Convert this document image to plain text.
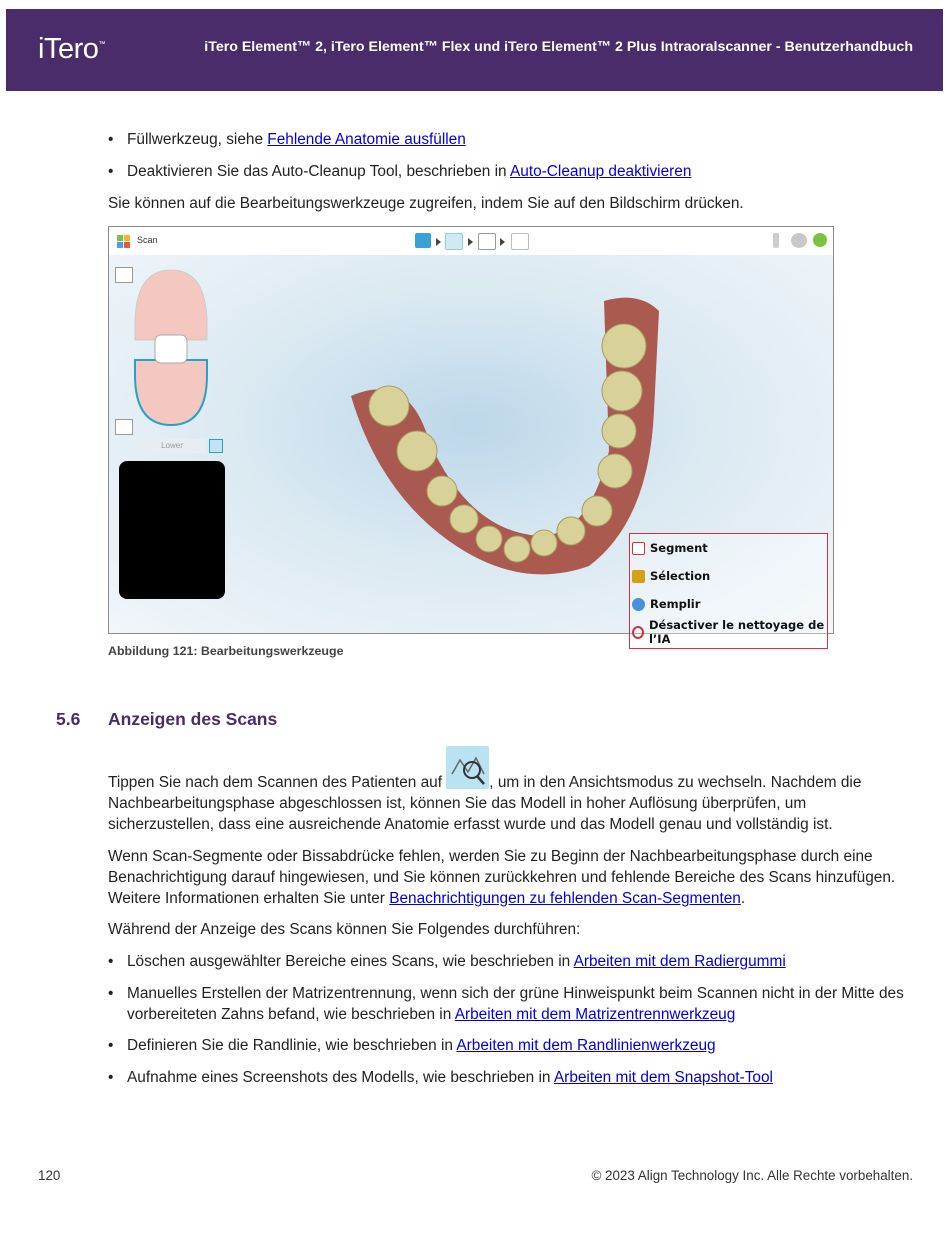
iTero™	iTero Element™ 2, iTero Element™ Flex und iTero Element™ 2 Plus Intraoralscanner - Benutzerhandbuch
• Füllwerkzeug, siehe Fehlende Anatomie ausfüllen
• Deaktivieren Sie das Auto-Cleanup Tool, beschrieben in Auto-Cleanup deaktivieren
Sie können auf die Bearbeitungswerkzeuge zugreifen, indem Sie auf den Bildschirm drücken.
Scan
Lower
Segment
Sélection
Remplir
Désactiver le nettoyage de l’IA
Abbildung 121: Bearbeitungswerkzeuge
5.6 Anzeigen des Scans
Tippen Sie nach dem Scannen des Patienten auf	, um in den Ansichtsmodus zu wechseln. Nachdem die Nachbearbeitungsphase abgeschlossen ist, können Sie das Modell in hoher Auflösung überprüfen, um sicherzustellen, dass eine ausreichende Anatomie erfasst wurde und das Modell genau und vollständig ist.
Wenn Scan-Segmente oder Bissabdrücke fehlen, werden Sie zu Beginn der Nachbearbeitungsphase durch eine Benachrichtigung darauf hingewiesen, und Sie können zurückkehren und fehlende Bereiche des Scans hinzufügen. Weitere Informationen erhalten Sie unter Benachrichtigungen zu fehlenden Scan-Segmenten.
Während der Anzeige des Scans können Sie Folgendes durchführen:
• Löschen ausgewählter Bereiche eines Scans, wie beschrieben in Arbeiten mit dem Radiergummi
• Manuelles Erstellen der Matrizentrennung, wenn sich der grüne Hinweispunkt beim Scannen nicht in der Mitte des vorbereiteten Zahns befand, wie beschrieben in Arbeiten mit dem Matrizentrennwerkzeug
• Definieren Sie die Randlinie, wie beschrieben in Arbeiten mit dem Randlinienwerkzeug
• Aufnahme eines Screenshots des Modells, wie beschrieben in Arbeiten mit dem Snapshot-Tool
120	© 2023 Align Technology Inc. Alle Rechte vorbehalten.
